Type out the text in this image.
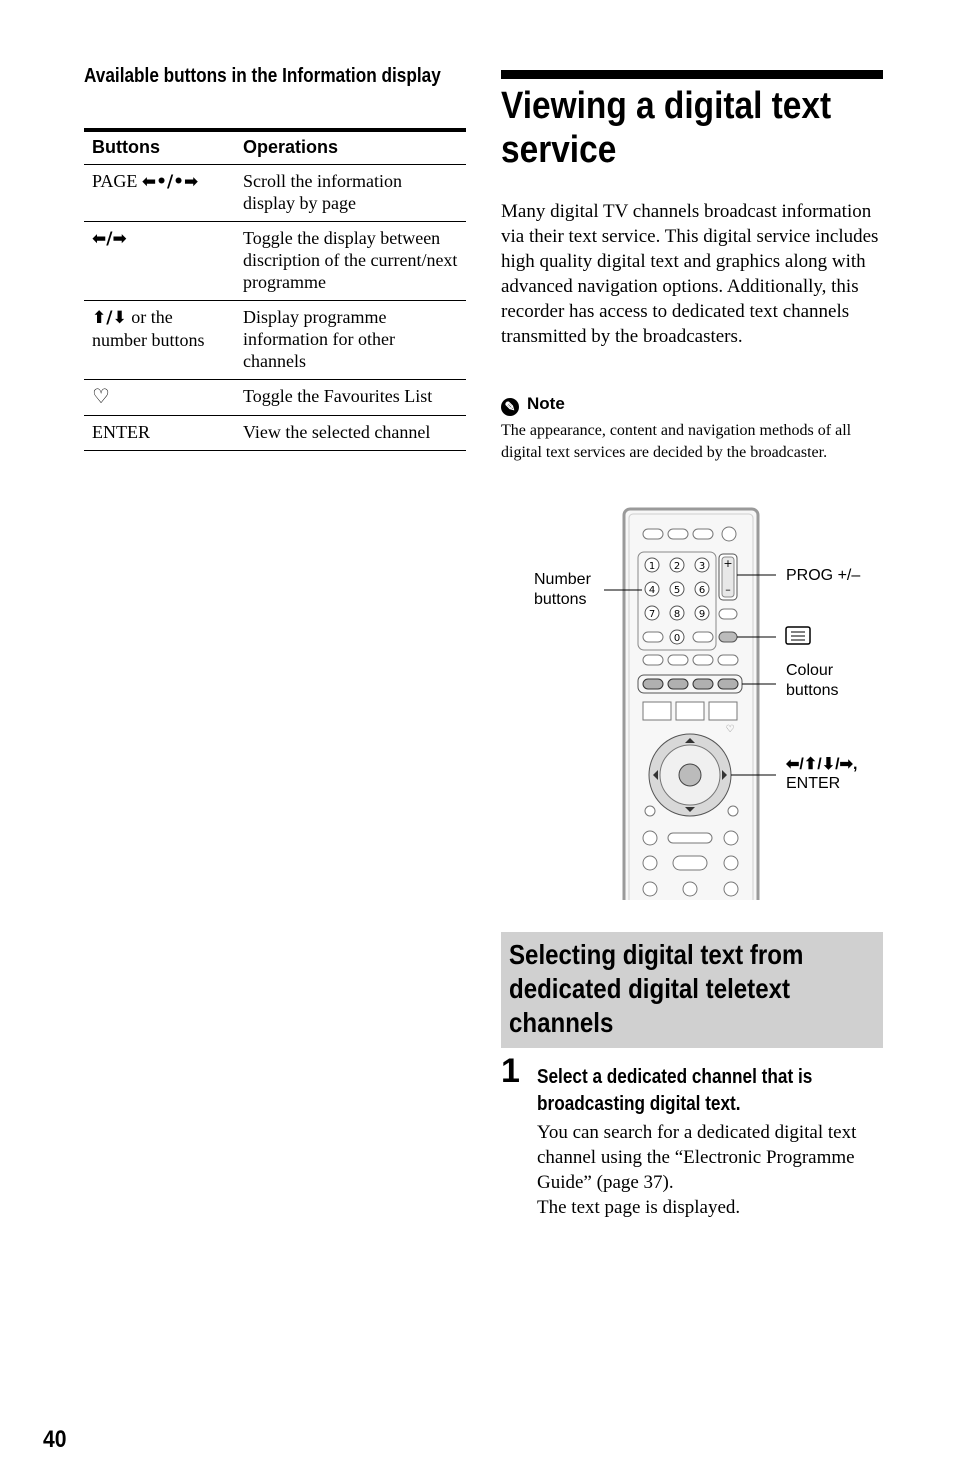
Available buttons in the Information display
Buttons	Operations
PAGE ⬅•/•➡	Scroll the information display by page
⬅/➡	Toggle the display between discription of the current/next programme
⬆/⬇ or the number buttons	Display programme information for other channels
♡	Toggle the Favourites List
ENTER	View the selected channel
Viewing a digital text service

Many digital TV channels broadcast information via their text service. This digital service includes high quality digital text and graphics along with advanced navigation options. Additionally, this recorder has access to dedicated text channels transmitted by the broadcasters.

✎ Note

The appearance, content and navigation methods of all digital text services are decided by the broadcaster.

1 2 3
4 5 6
7 8 9
0
+
–
♡
Number
buttons
PROG +/–
Colour
buttons
⬅/⬆/⬇/➡,
ENTER
Selecting digital text from dedicated digital teletext channels
1 Select a dedicated channel that is broadcasting digital text.
You can search for a dedicated digital text channel using the “Electronic Programme Guide” (page 37).
The text page is displayed.
40
